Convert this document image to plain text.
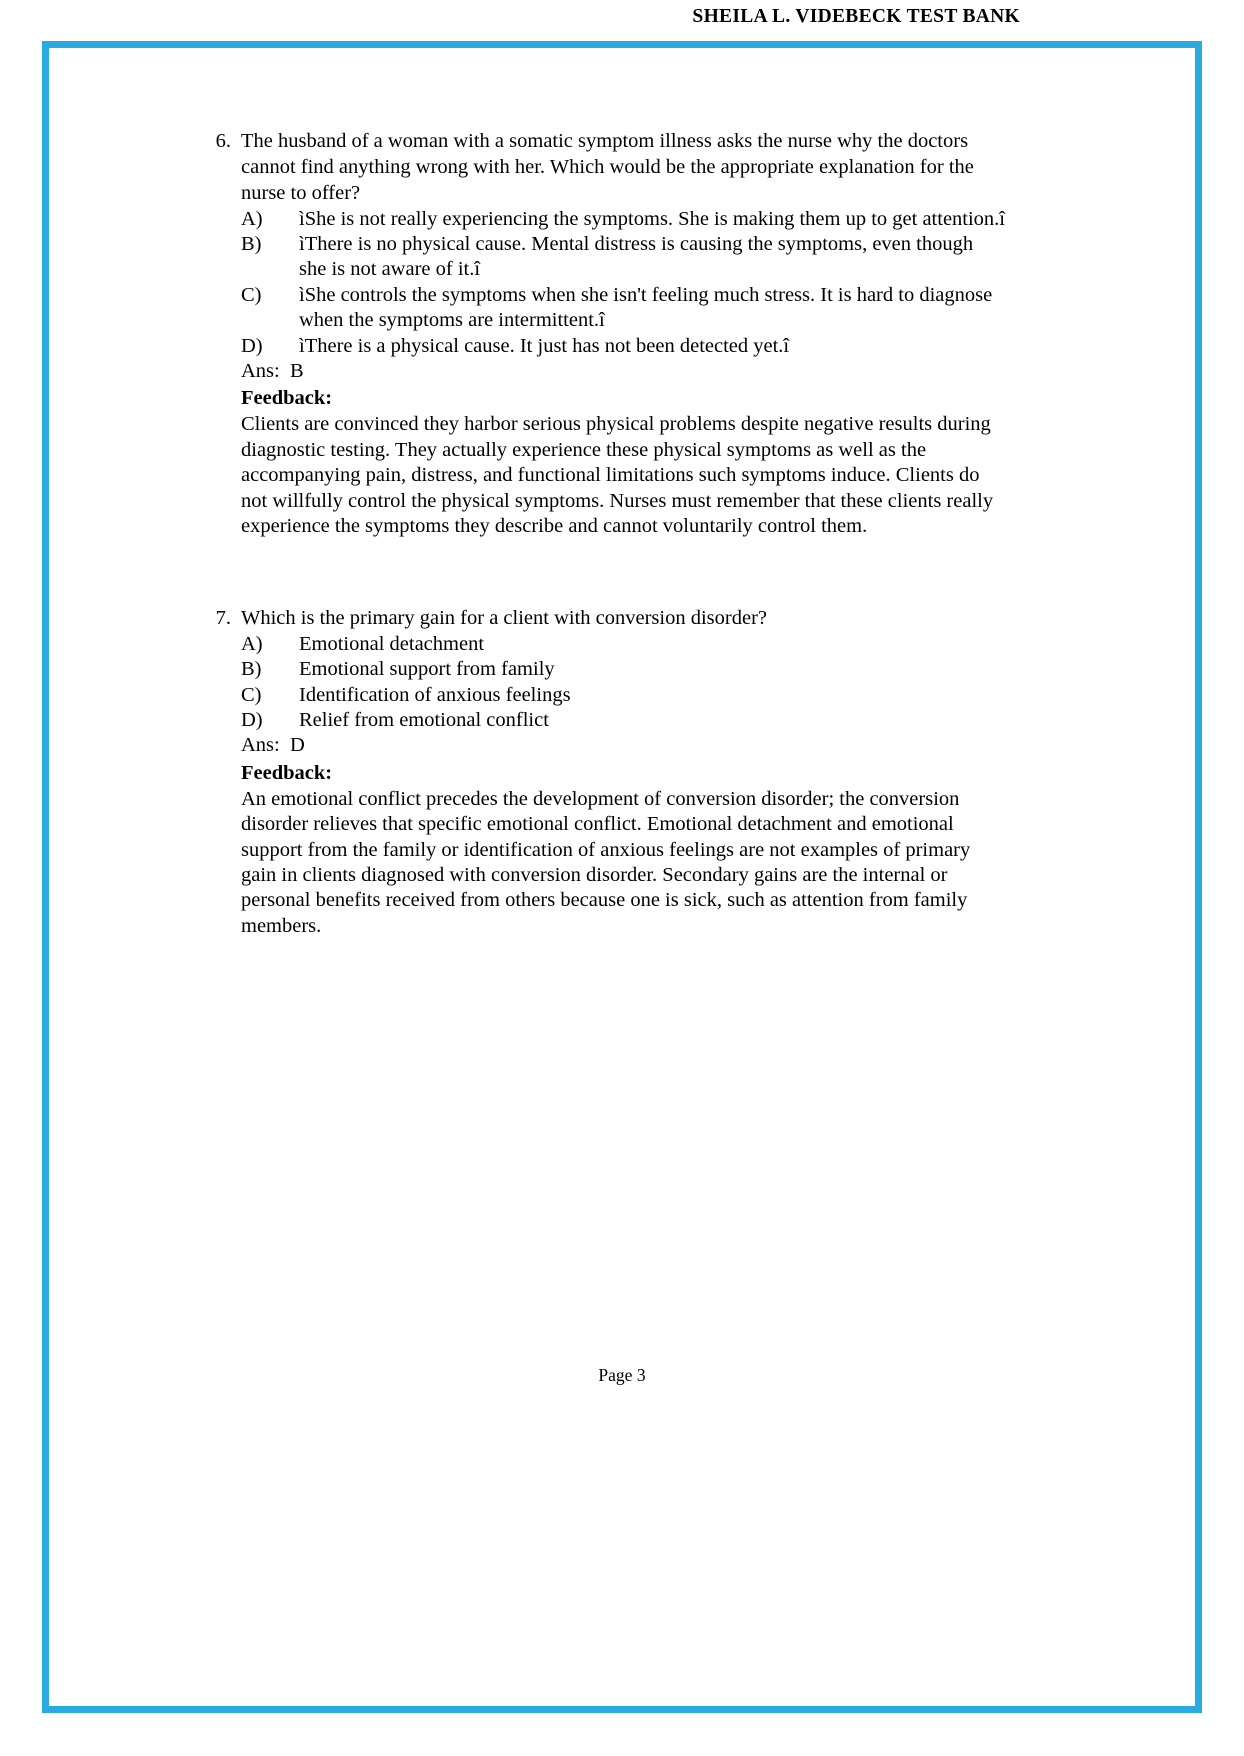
SHEILA L. VIDEBECK TEST BANK
6. The husband of a woman with a somatic symptom illness asks the nurse why the doctors cannot find anything wrong with her. Which would be the appropriate explanation for the nurse to offer?
A)	ìShe is not really experiencing the symptoms. She is making them up to get attention.î
B)	ìThere is no physical cause. Mental distress is causing the symptoms, even though she is not aware of it.î
C)	ìShe controls the symptoms when she isn't feeling much stress. It is hard to diagnose when the symptoms are intermittent.î
D)	ìThere is a physical cause. It just has not been detected yet.î
Ans: B
Feedback:
Clients are convinced they harbor serious physical problems despite negative results during diagnostic testing. They actually experience these physical symptoms as well as the accompanying pain, distress, and functional limitations such symptoms induce. Clients do not willfully control the physical symptoms. Nurses must remember that these clients really experience the symptoms they describe and cannot voluntarily control them.
7. Which is the primary gain for a client with conversion disorder?
A)	Emotional detachment
B)	Emotional support from family
C)	Identification of anxious feelings
D)	Relief from emotional conflict
Ans: D
Feedback:
An emotional conflict precedes the development of conversion disorder; the conversion disorder relieves that specific emotional conflict. Emotional detachment and emotional support from the family or identification of anxious feelings are not examples of primary gain in clients diagnosed with conversion disorder. Secondary gains are the internal or personal benefits received from others because one is sick, such as attention from family members.
Page 3
